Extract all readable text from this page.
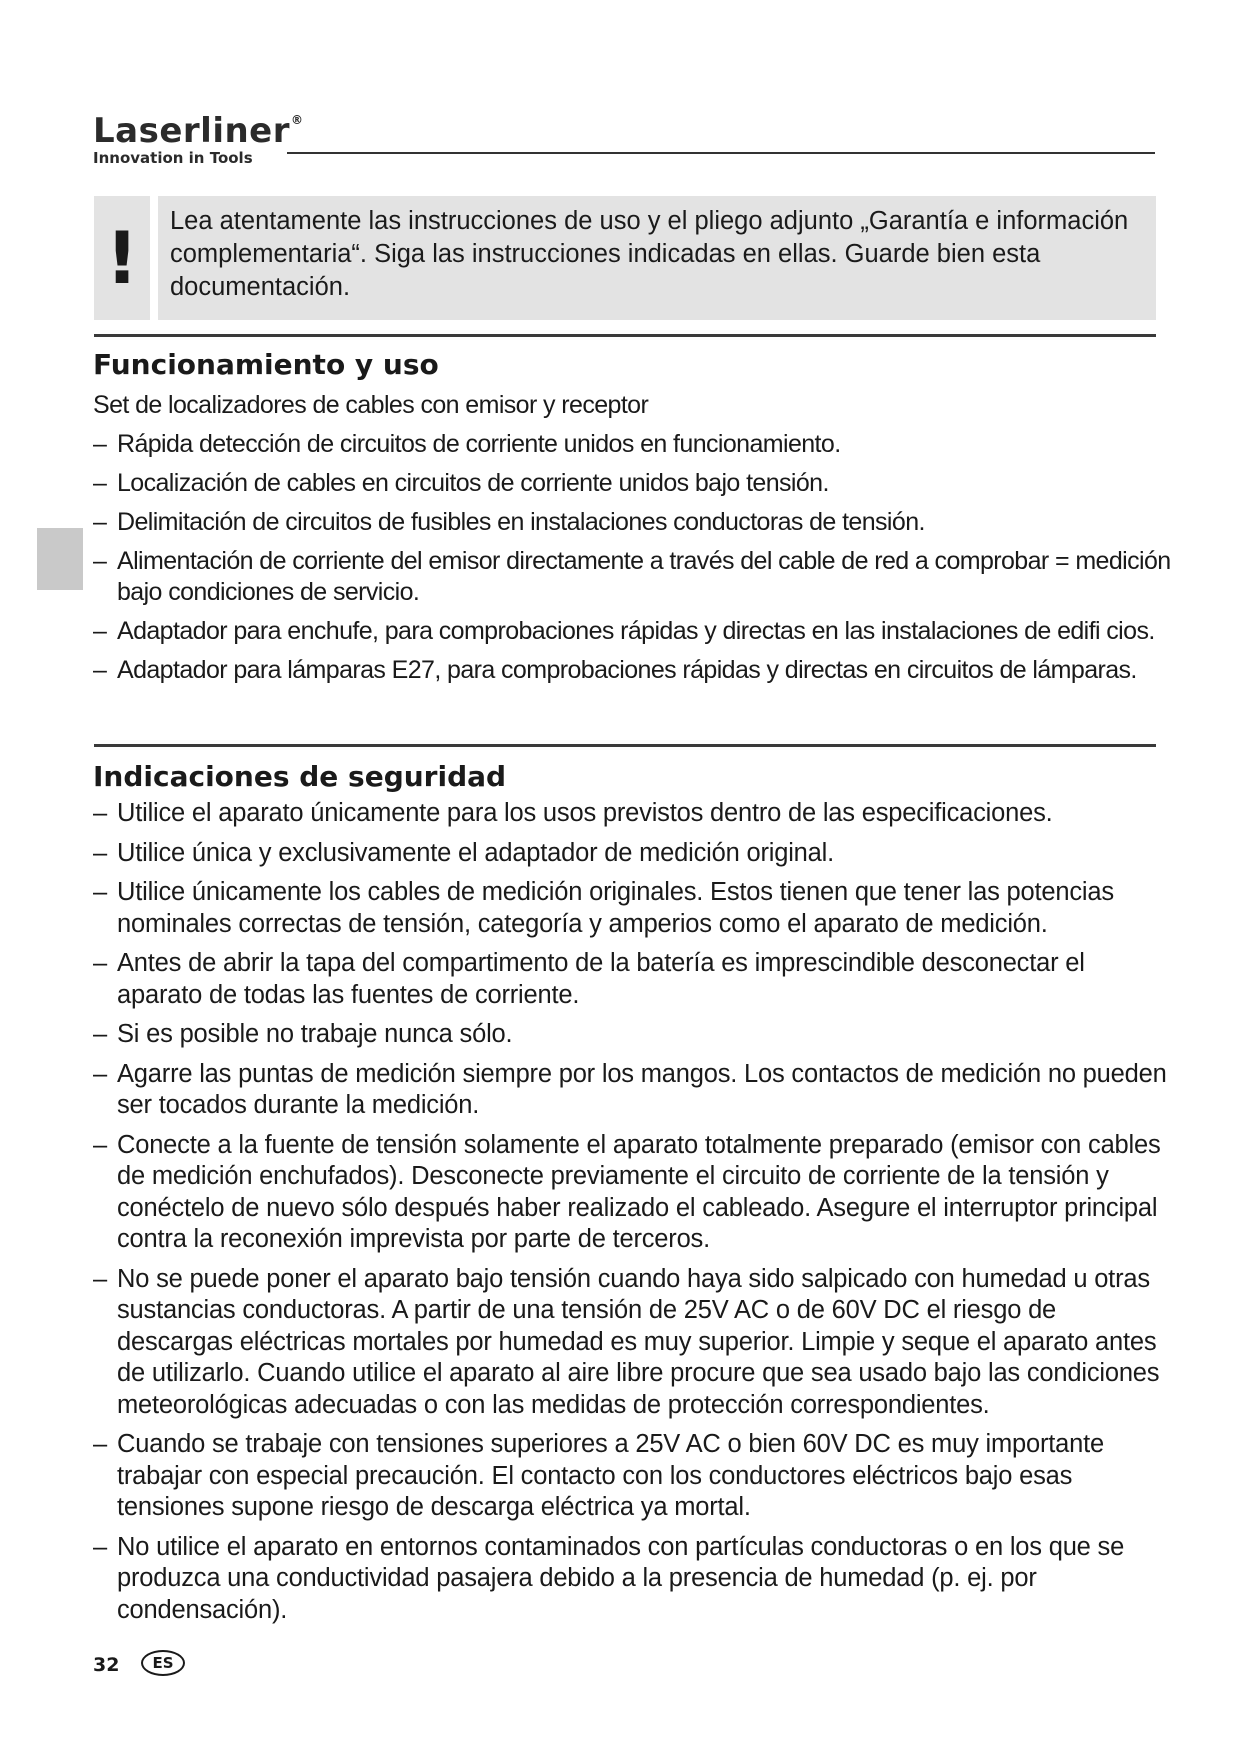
Laserliner®
Innovation in Tools
!	Lea atentamente las instrucciones de uso y el pliego adjunto „Garantía e información complementaria“. Siga las instrucciones indicadas en ellas. Guarde bien esta documentación.
Funcionamiento y uso
Set de localizadores de cables con emisor y receptor
– Rápida detección de circuitos de corriente unidos en funcionamiento.
– Localización de cables en circuitos de corriente unidos bajo tensión.
– Delimitación de circuitos de fusibles en instalaciones conductoras de tensión.
– Alimentación de corriente del emisor directamente a través del cable de red a comprobar = medición bajo condiciones de servicio.
– Adaptador para enchufe, para comprobaciones rápidas y directas en las instalaciones de edifi cios.
– Adaptador para lámparas E27, para comprobaciones rápidas y directas en circuitos de lámparas.
Indicaciones de seguridad
– Utilice el aparato únicamente para los usos previstos dentro de las especificaciones.
– Utilice única y exclusivamente el adaptador de medición original.
– Utilice únicamente los cables de medición originales. Estos tienen que tener las potencias nominales correctas de tensión, categoría y amperios como el aparato de medición.
– Antes de abrir la tapa del compartimento de la batería es imprescindible desconectar el aparato de todas las fuentes de corriente.
– Si es posible no trabaje nunca sólo.
– Agarre las puntas de medición siempre por los mangos. Los contactos de medición no pueden ser tocados durante la medición.
– Conecte a la fuente de tensión solamente el aparato totalmente preparado (emisor con cables de medición enchufados). Desconecte previamente el circuito de corriente de la tensión y conéctelo de nuevo sólo después haber realizado el cableado. Asegure el interruptor principal contra la reconexión imprevista por parte de terceros.
– No se puede poner el aparato bajo tensión cuando haya sido salpicado con humedad u otras sustancias conductoras. A partir de una tensión de 25V AC o de 60V DC el riesgo de descargas eléctricas mortales por humedad es muy superior. Limpie y seque el aparato antes de utilizarlo. Cuando utilice el aparato al aire libre procure que sea usado bajo las condiciones meteorológicas adecuadas o con las medidas de protección correspondientes.
– Cuando se trabaje con tensiones superiores a 25V AC o bien 60V DC es muy importante trabajar con especial precaución. El contacto con los conductores eléctricos bajo esas tensiones supone riesgo de descarga eléctrica ya mortal.
– No utilice el aparato en entornos contaminados con partículas conductoras o en los que se produzca una conductividad pasajera debido a la presencia de humedad (p. ej. por condensación).
32	ES
